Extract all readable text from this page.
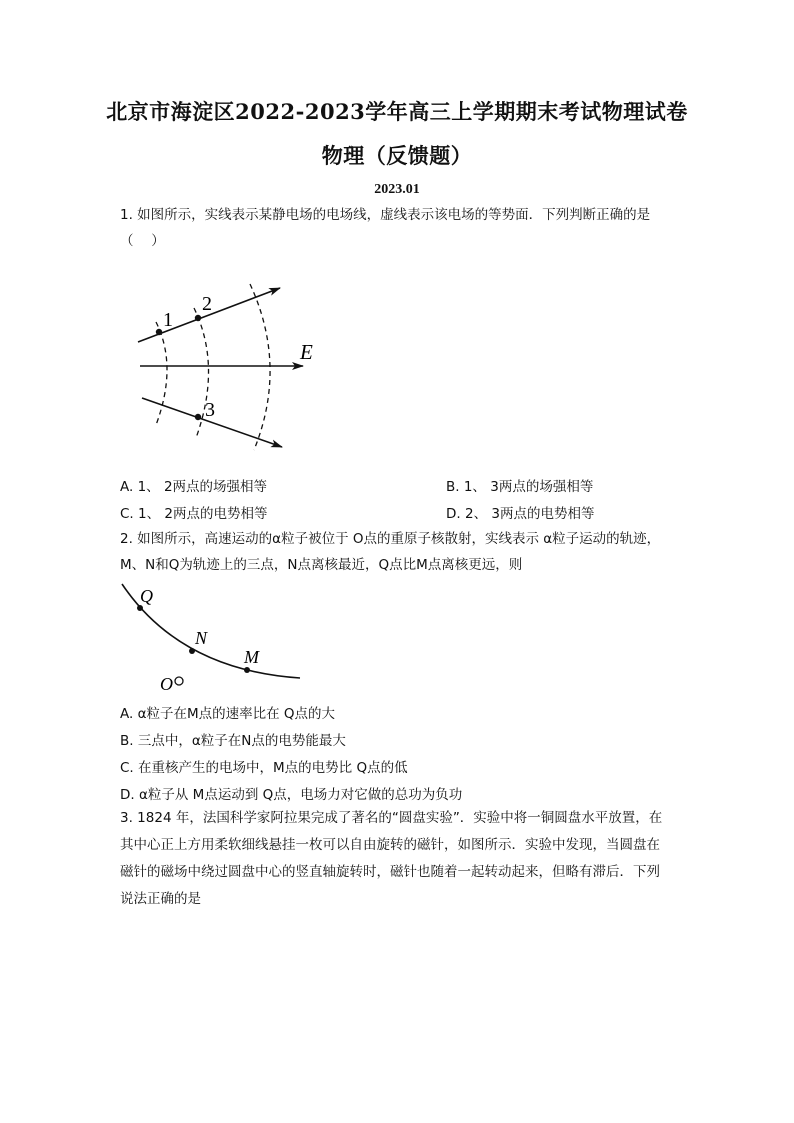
北京市海淀区2022-2023学年高三上学期期末考试物理试卷
物理（反馈题）
2023.01
1. 如图所示，实线表示某静电场的电场线，虚线表示该电场的等势面．下列判断正确的是
（　 ）
1
2
3
E
A. 1、 2两点的场强相等	B. 1、 3两点的场强相等
C. 1、 2两点的电势相等	D. 2、 3两点的电势相等
2. 如图所示，高速运动的α粒子被位于 O点的重原子核散射，实线表示 α粒子运动的轨迹，
M、N和Q为轨迹上的三点，N点离核最近，Q点比M点离核更远，则
Q
N
M
O
A. α粒子在M点的速率比在 Q点的大
B. 三点中，α粒子在N点的电势能最大
C. 在重核产生的电场中，M点的电势比 Q点的低
D. α粒子从 M点运动到 Q点，电场力对它做的总功为负功
3. 1824 年，法国科学家阿拉果完成了著名的“圆盘实验”．实验中将一铜圆盘水平放置，在
其中心正上方用柔软细线悬挂一枚可以自由旋转的磁针，如图所示．实验中发现，当圆盘在
磁针的磁场中绕过圆盘中心的竖直轴旋转时，磁针也随着一起转动起来，但略有滞后．下列
说法正确的是
